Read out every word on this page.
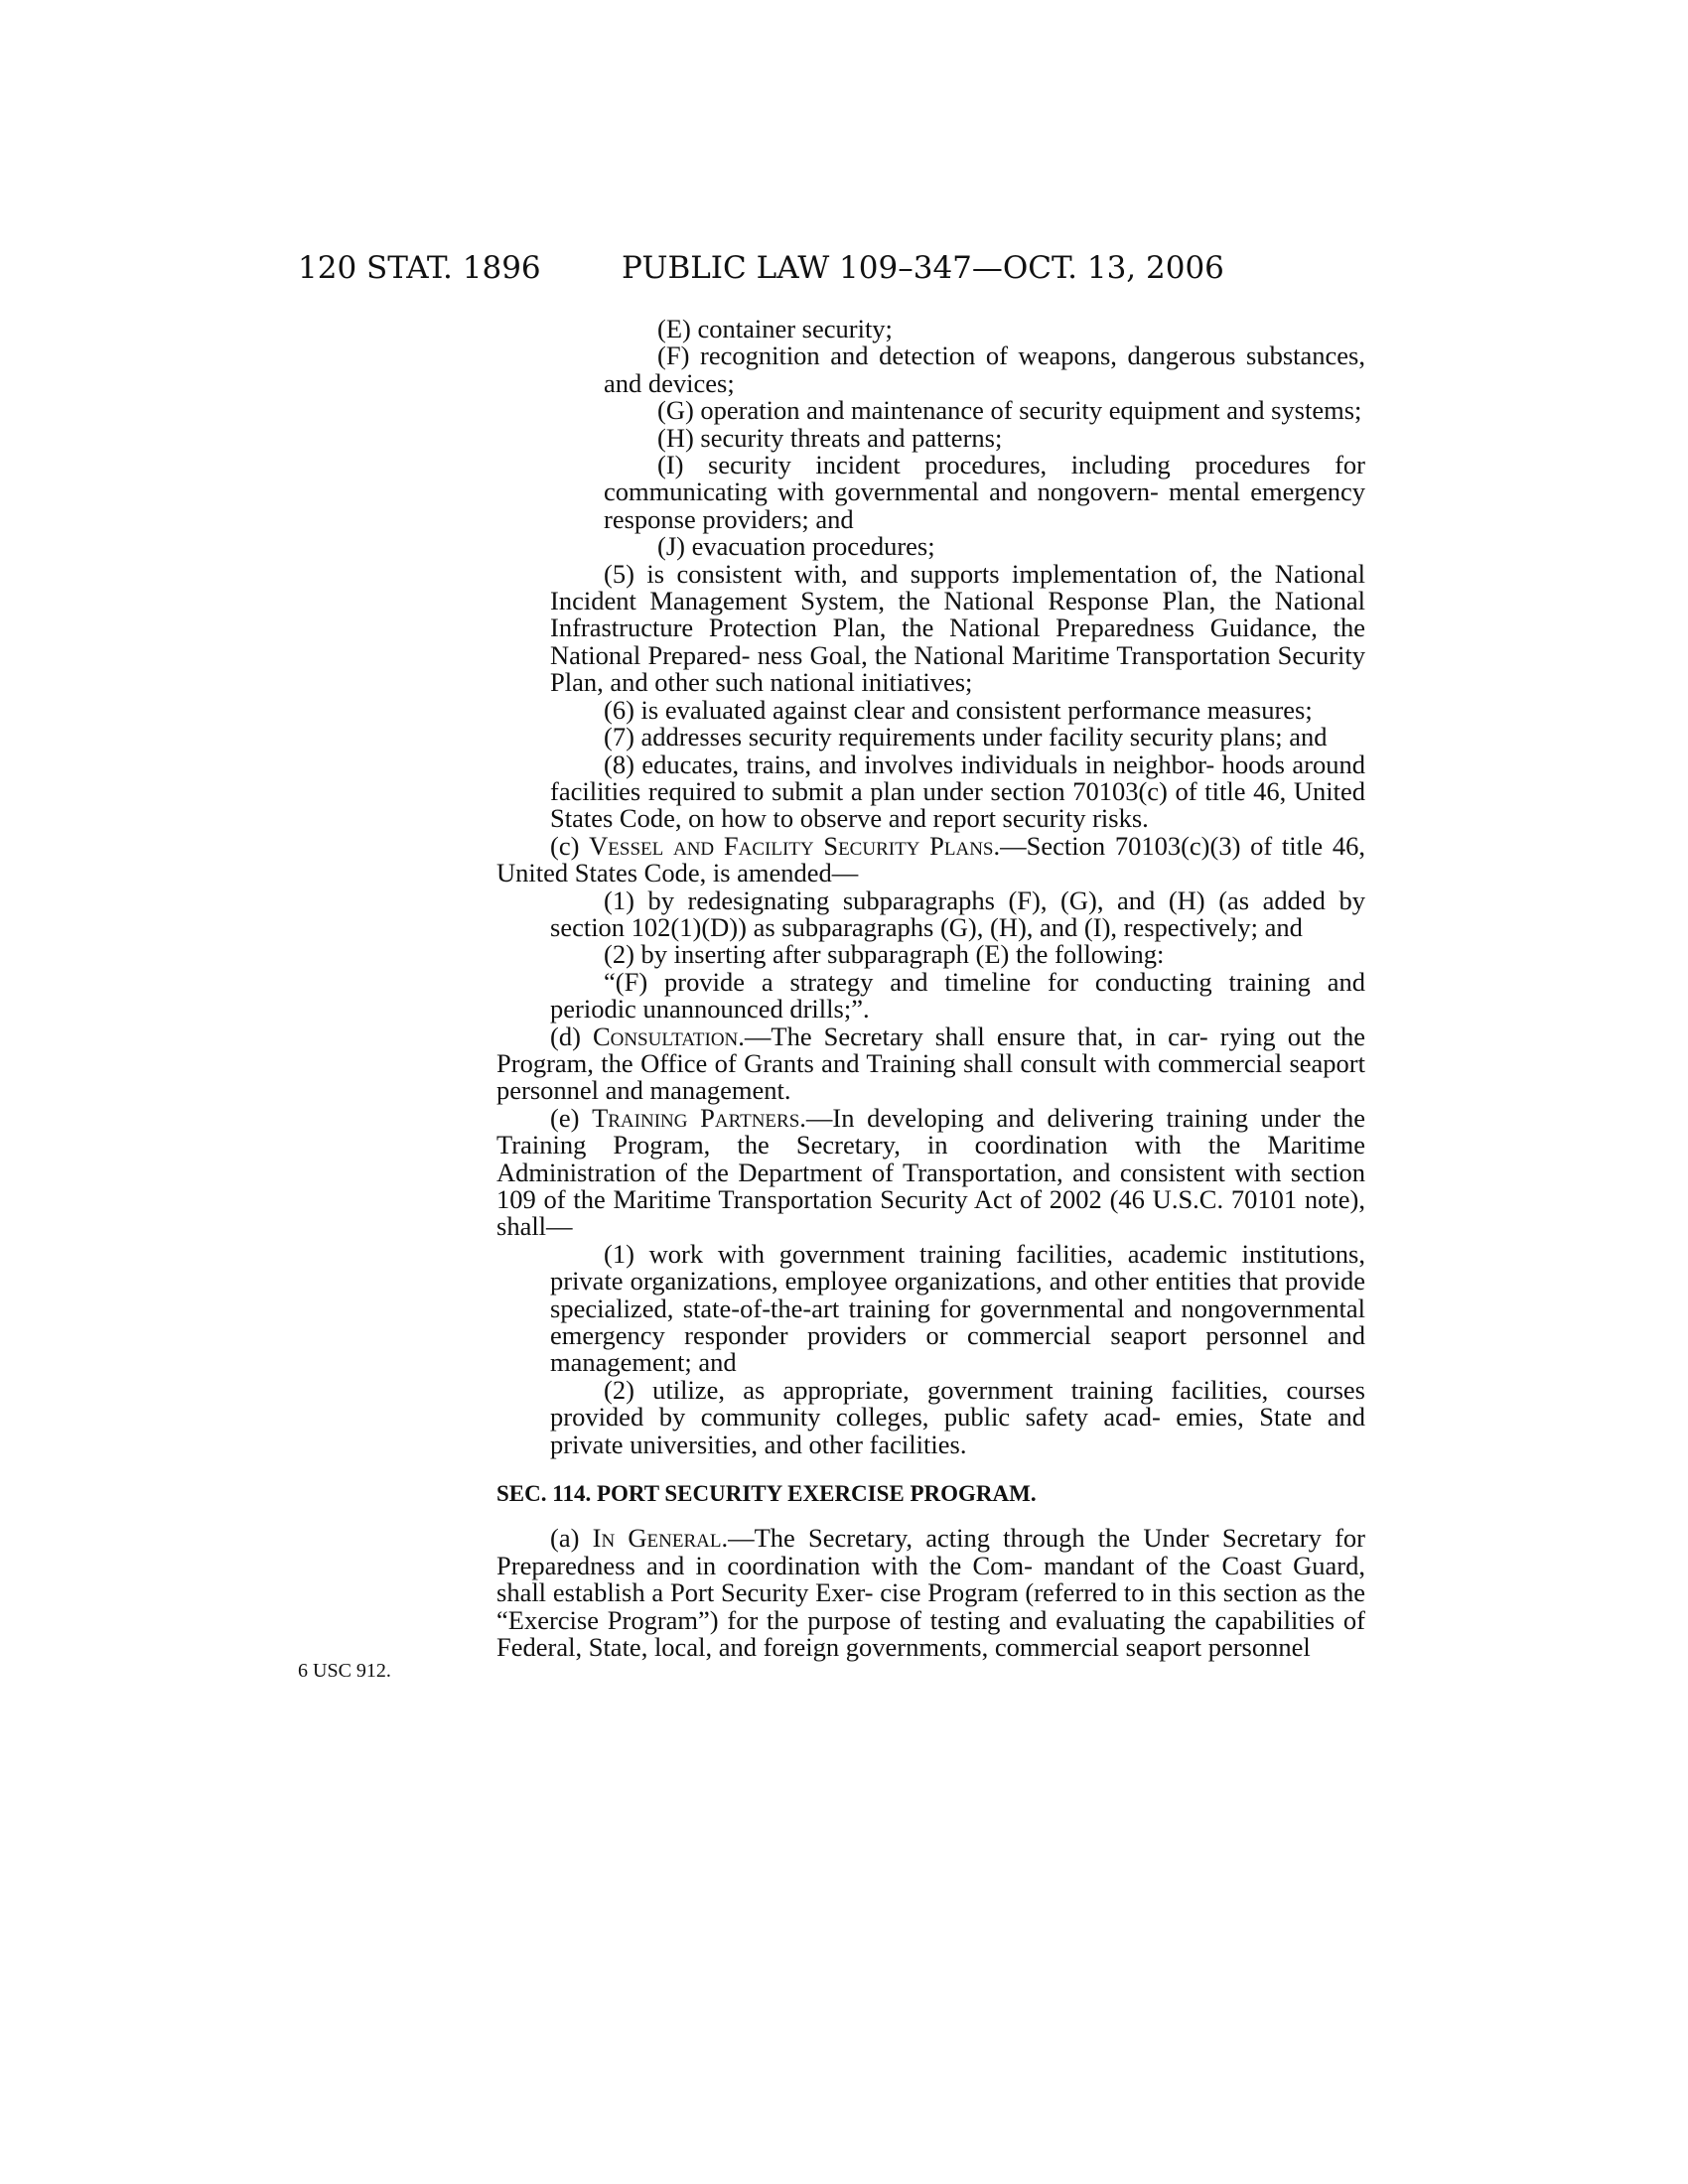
120 STAT. 1896	PUBLIC LAW 109–347—OCT. 13, 2006

(E) container security;

(F) recognition and detection of weapons, dangerous substances, and devices;

(G) operation and maintenance of security equipment and systems;

(H) security threats and patterns;

(I) security incident procedures, including procedures for communicating with governmental and nongovern- mental emergency response providers; and

(J) evacuation procedures;

(5) is consistent with, and supports implementation of, the National Incident Management System, the National Response Plan, the National Infrastructure Protection Plan, the National Preparedness Guidance, the National Prepared- ness Goal, the National Maritime Transportation Security Plan, and other such national initiatives;

(6) is evaluated against clear and consistent performance measures;

(7) addresses security requirements under facility security plans; and

(8) educates, trains, and involves individuals in neighbor- hoods around facilities required to submit a plan under section 70103(c) of title 46, United States Code, on how to observe and report security risks.

(c) Vessel and Facility Security Plans.—Section 70103(c)(3) of title 46, United States Code, is amended—

(1) by redesignating subparagraphs (F), (G), and (H) (as added by section 102(1)(D)) as subparagraphs (G), (H), and (I), respectively; and

(2) by inserting after subparagraph (E) the following:

“(F) provide a strategy and timeline for conducting training and periodic unannounced drills;”.

(d) Consultation.—The Secretary shall ensure that, in car- rying out the Program, the Office of Grants and Training shall consult with commercial seaport personnel and management.

(e) Training Partners.—In developing and delivering training under the Training Program, the Secretary, in coordination with the Maritime Administration of the Department of Transportation, and consistent with section 109 of the Maritime Transportation Security Act of 2002 (46 U.S.C. 70101 note), shall—

(1) work with government training facilities, academic institutions, private organizations, employee organizations, and other entities that provide specialized, state-of-the-art training for governmental and nongovernmental emergency responder providers or commercial seaport personnel and management; and

(2) utilize, as appropriate, government training facilities, courses provided by community colleges, public safety acad- emies, State and private universities, and other facilities.

SEC. 114. PORT SECURITY EXERCISE PROGRAM.

(a) In General.—The Secretary, acting through the Under Secretary for Preparedness and in coordination with the Com- mandant of the Coast Guard, shall establish a Port Security Exer- cise Program (referred to in this section as the “Exercise Program”) for the purpose of testing and evaluating the capabilities of Federal, State, local, and foreign governments, commercial seaport personnel

6 USC 912.
